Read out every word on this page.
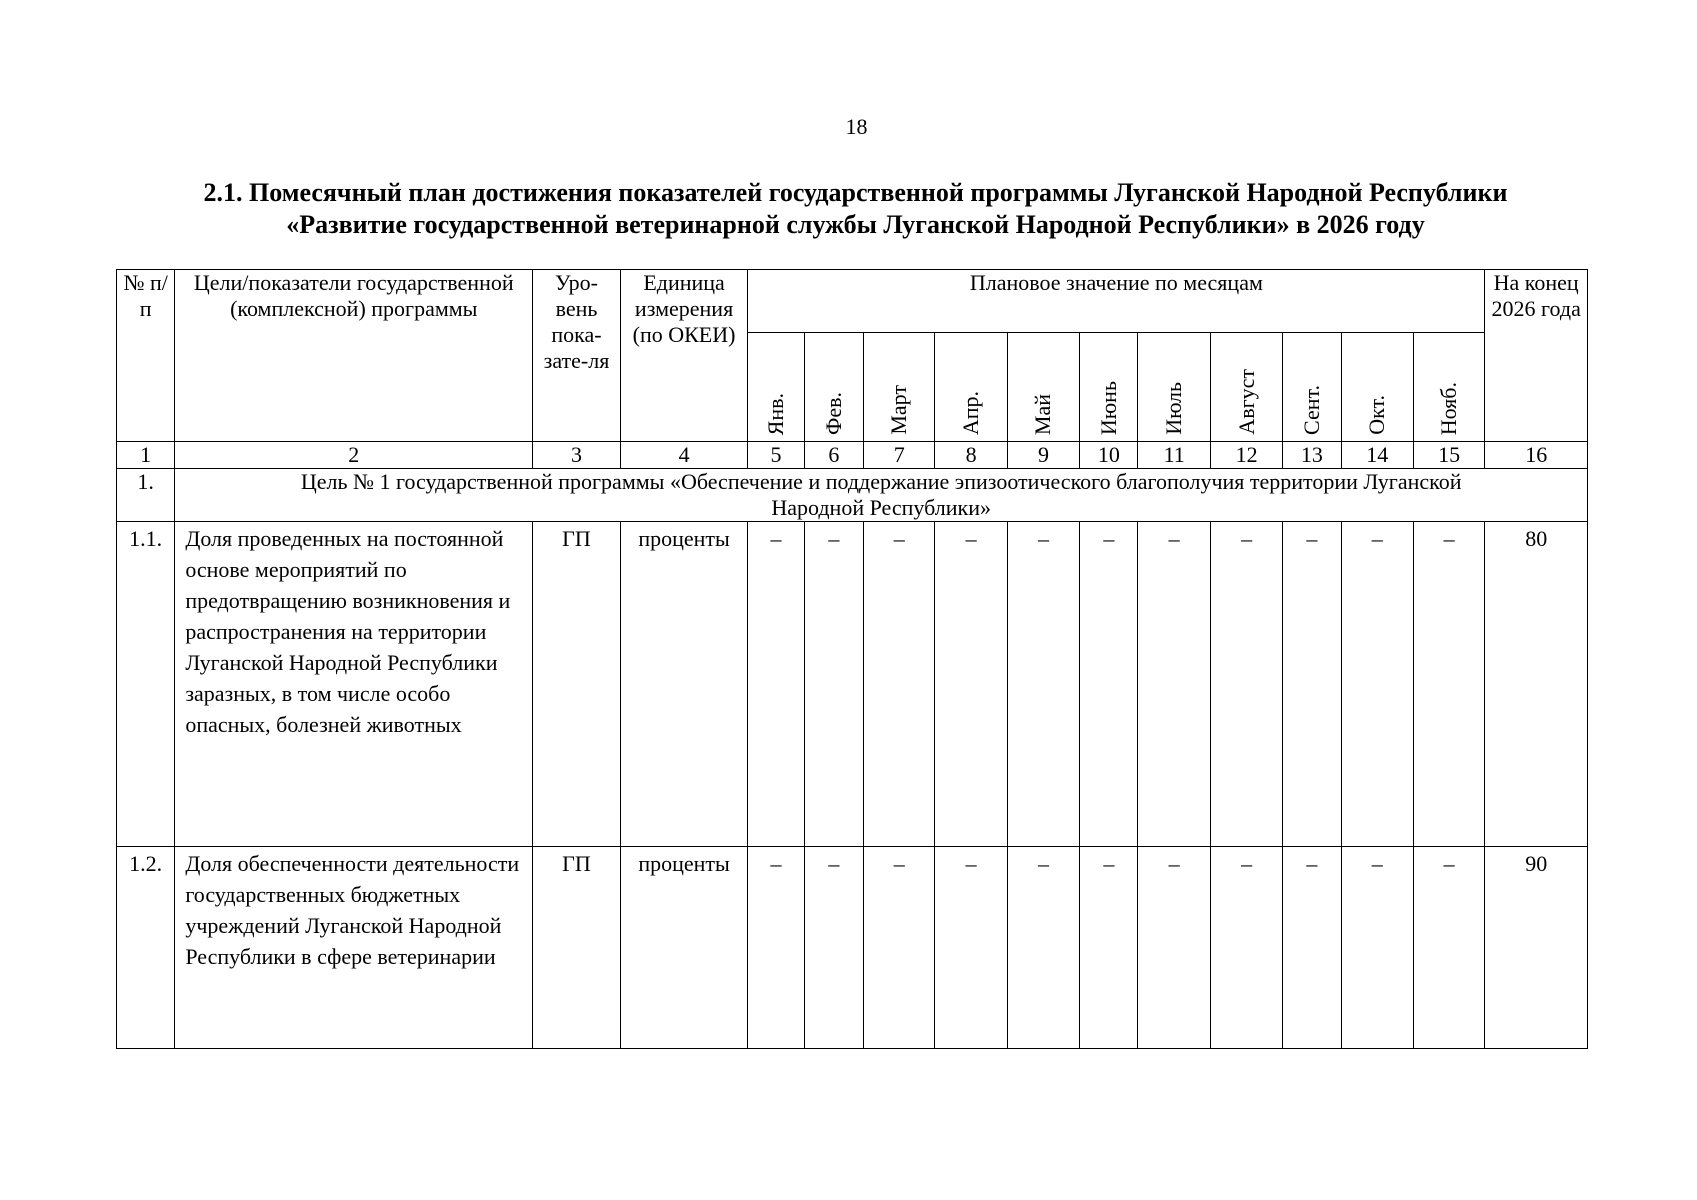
18
2.1. Помесячный план достижения показателей государственной программы Луганской Народной Республики
«Развитие государственной ветеринарной службы Луганской Народной Республики» в 2026 году
№ п/п	Цели/показатели государственной (комплексной) программы	Уро-вень пока-зате-ля	Единица измерения (по ОКЕИ)	Плановое значение по месяцам											На конец 2026 года
				Янв.	Фев.	Март	Апр.	Май	Июнь	Июль	Август	Сент.	Окт.	Нояб.	
1	2	3	4	5	6	7	8	9	10	11	12	13	14	15	16
1.	Цель № 1 государственной программы «Обеспечение и поддержание эпизоотического благополучия территории Луганской Народной Республики»														
1.1.	Доля проведенных на постоянной основе мероприятий по предотвращению возникновения и распространения на территории Луганской Народной Республики заразных, в том числе особо опасных, болезней животных	ГП	проценты	–	–	–	–	–	–	–	–	–	–	–	80
1.2.	Доля обеспеченности деятельности государственных бюджетных учреждений Луганской Народной Республики в сфере ветеринарии	ГП	проценты	–	–	–	–	–	–	–	–	–	–	–	90
